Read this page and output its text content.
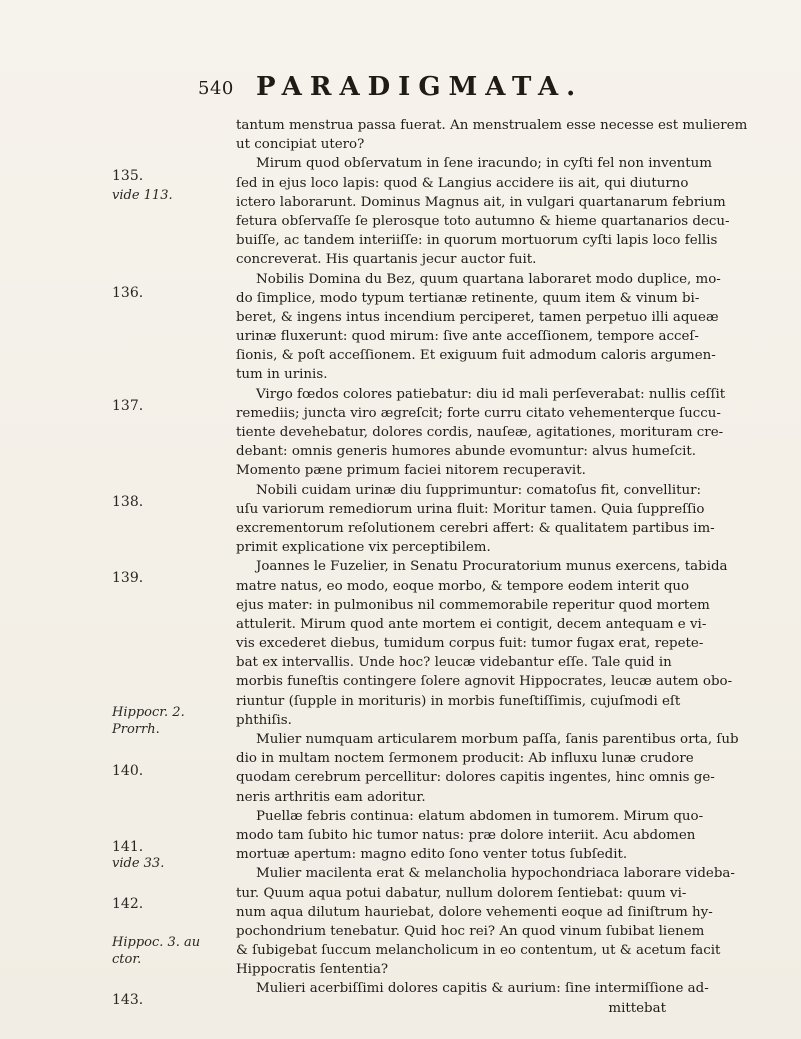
540 PARADIGMATA.
135.
vide 113.
136.
137.
138.
139.
Hippocr. 2.
Prorrh.
140.
141.
vide 33.
142.
Hippoc. 3. au
ctor.
143.
tantum menstrua passa fuerat. An menstrualem esse necesse est mulierem
ut concipiat utero?
Mirum quod obſervatum in ſene iracundo; in cyſti fel non inventum
ſed in ejus loco lapis: quod & Langius accidere iis ait, qui diuturno
ictero laborarunt. Dominus Magnus ait, in vulgari quartanarum febrium
fetura obſervaſſe ſe plerosque toto autumno & hieme quartanarios decu-
buiſſe, ac tandem interiiſſe: in quorum mortuorum cyſti lapis loco fellis
concreverat. His quartanis jecur auctor fuit.
Nobilis Domina du Bez, quum quartana laboraret modo duplice, mo-
do ſimplice, modo typum tertianæ retinente, quum item & vinum bi-
beret, & ingens intus incendium perciperet, tamen perpetuo illi aqueæ
urinæ fluxerunt: quod mirum: ſive ante acceſſionem, tempore acceſ-
ſionis, & poſt acceſſionem. Et exiguum fuit admodum caloris argumen-
tum in urinis.
Virgo fœdos colores patiebatur: diu id mali perſeverabat: nullis ceſſit
remediis; juncta viro ægreſcit; forte curru citato vehementerque ſuccu-
tiente devehebatur, dolores cordis, nauſeæ, agitationes, morituram cre-
debant: omnis generis humores abunde evomuntur: alvus humeſcit.
Momento pæne primum faciei nitorem recuperavit.
Nobili cuidam urinæ diu ſupprimuntur: comatoſus fit, convellitur:
uſu variorum remediorum urina fluit: Moritur tamen. Quia ſuppreſſio
excrementorum reſolutionem cerebri affert: & qualitatem partibus im-
primit explicatione vix perceptibilem.
Joannes le Fuzelier, in Senatu Procuratorium munus exercens, tabida
matre natus, eo modo, eoque morbo, & tempore eodem interit quo
ejus mater: in pulmonibus nil commemorabile reperitur quod mortem
attulerit. Mirum quod ante mortem ei contigit, decem antequam e vi-
vis excederet diebus, tumidum corpus fuit: tumor fugax erat, repete-
bat ex intervallis. Unde hoc? leucæ videbantur eſſe. Tale quid in
morbis funeſtis contingere ſolere agnovit Hippocrates, leucæ autem obo-
riuntur (ſupple in morituris) in morbis funeſtiſſimis, cujuſmodi eſt
phthiſis.
Mulier numquam articularem morbum paſſa, ſanis parentibus orta, ſub
dio in multam noctem ſermonem producit: Ab influxu lunæ crudore
quodam cerebrum percellitur: dolores capitis ingentes, hinc omnis ge-
neris arthritis eam adoritur.
Puellæ febris continua: elatum abdomen in tumorem. Mirum quo-
modo tam ſubito hic tumor natus: præ dolore interiit. Acu abdomen
mortuæ apertum: magno edito ſono venter totus ſubſedit.
Mulier macilenta erat & melancholia hypochondriaca laborare videba-
tur. Quum aqua potui dabatur, nullum dolorem ſentiebat: quum vi-
num aqua dilutum hauriebat, dolore vehementi eoque ad ſiniſtrum hy-
pochondrium tenebatur. Quid hoc rei? An quod vinum ſubibat lienem
& ſubigebat ſuccum melancholicum in eo contentum, ut & acetum facit
Hippocratis ſententia?
Mulieri acerbiſſimi dolores capitis & aurium: ſine intermiſſione ad-
mittebat
